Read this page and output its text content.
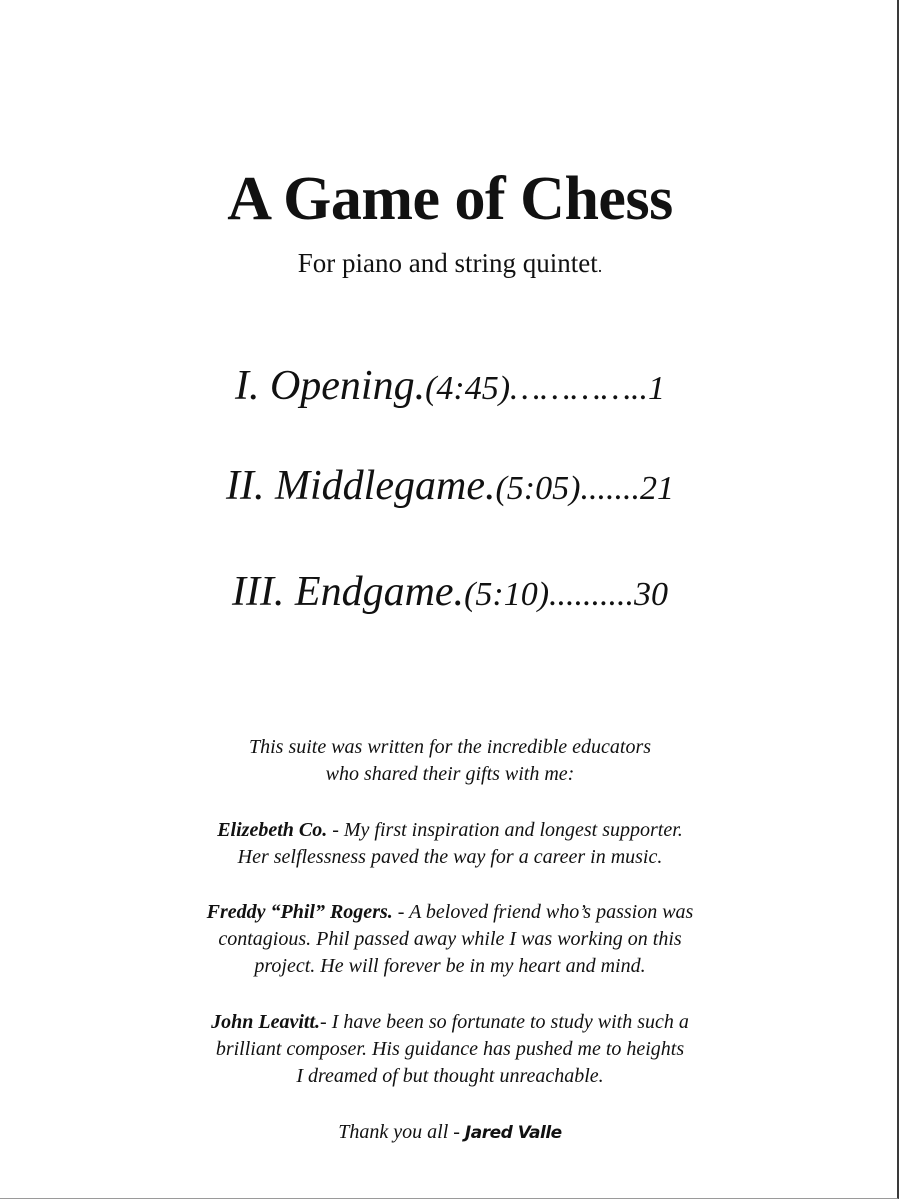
A Game of Chess
For piano and string quintet.
I. Opening.(4:45)…………..1
II. Middlegame.(5:05).......21
III. Endgame.(5:10)..........30
This suite was written for the incredible educators
who shared their gifts with me:
Elizebeth Co. - My first inspiration and longest supporter.
Her selflessness paved the way for a career in music.
Freddy “Phil” Rogers. - A beloved friend who’s passion was
contagious. Phil passed away while I was working on this
project. He will forever be in my heart and mind.
John Leavitt.- I have been so fortunate to study with such a
brilliant composer. His guidance has pushed me to heights
I dreamed of but thought unreachable.
Thank you all - Jared Valle
